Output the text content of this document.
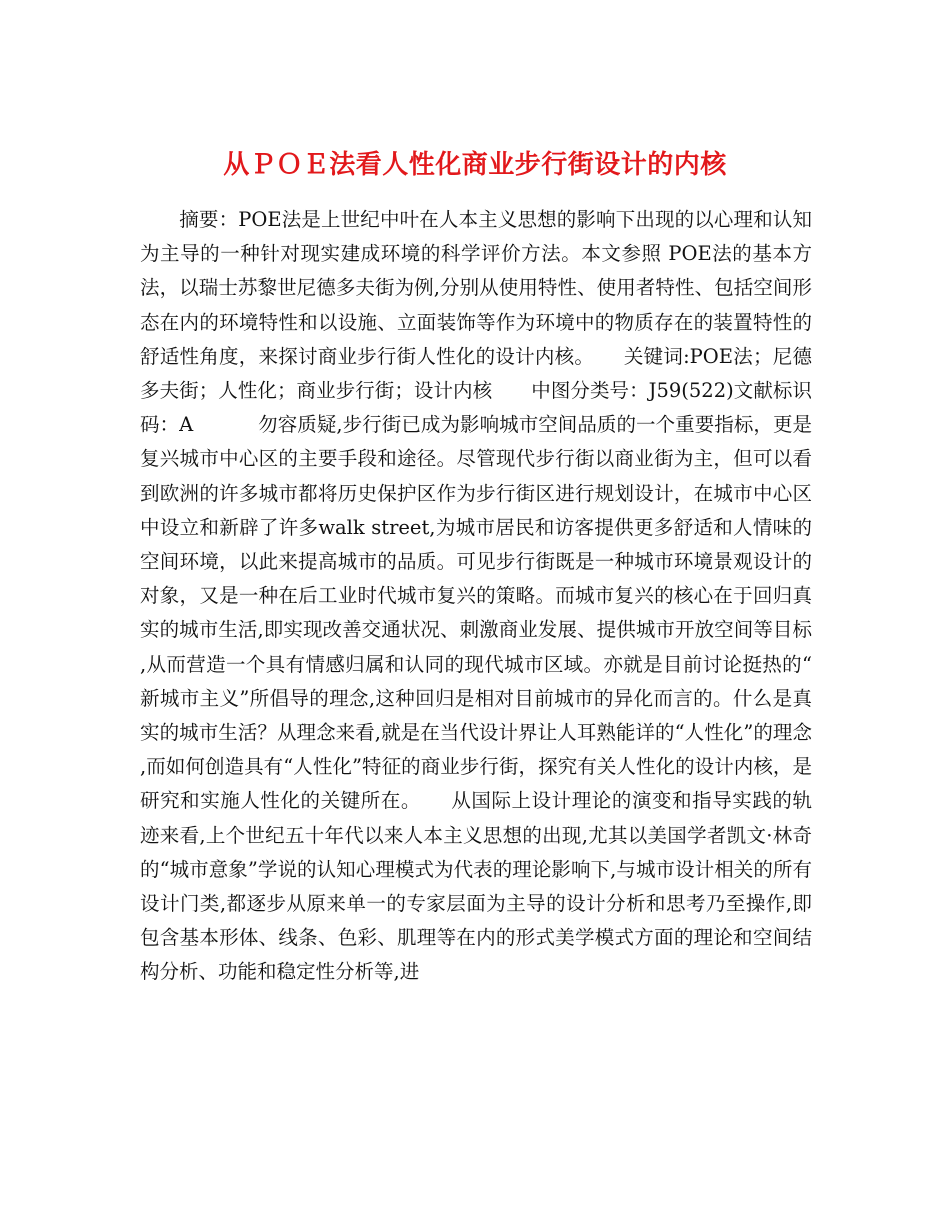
从ＰＯＥ法看人性化商业步行街设计的内核
　　摘要：POE法是上世纪中叶在人本主义思想的影响下出现的以心理和认知为主导的一种针对现实建成环境的科学评价方法。本文参照 POE法的基本方法，以瑞士苏黎世尼德多夫街为例,分别从使用特性、使用者特性、包括空间形态在内的环境特性和以设施、立面装饰等作为环境中的物质存在的装置特性的舒适性角度，来探讨商业步行街人性化的设计内核。　　关键词:POE法；尼德多夫街；人性化；商业步行街；设计内核　　中图分类号：J59(522)文献标识码：A　　　 勿容质疑,步行街已成为影响城市空间品质的一个重要指标，更是复兴城市中心区的主要手段和途径。尽管现代步行街以商业街为主，但可以看到欧洲的许多城市都将历史保护区作为步行街区进行规划设计，在城市中心区中设立和新辟了许多walk street,为城市居民和访客提供更多舒适和人情味的空间环境，以此来提高城市的品质。可见步行街既是一种城市环境景观设计的对象，又是一种在后工业时代城市复兴的策略。而城市复兴的核心在于回归真实的城市生活,即实现改善交通状况、刺激商业发展、提供城市开放空间等目标,从而营造一个具有情感归属和认同的现代城市区域。亦就是目前讨论挺热的“新城市主义”所倡导的理念,这种回归是相对目前城市的异化而言的。什么是真实的城市生活？从理念来看,就是在当代设计界让人耳熟能详的“人性化”的理念,而如何创造具有“人性化”特征的商业步行街，探究有关人性化的设计内核，是研究和实施人性化的关键所在。　　从国际上设计理论的演变和指导实践的轨迹来看,上个世纪五十年代以来人本主义思想的出现,尤其以美国学者凯文·林奇的“城市意象”学说的认知心理模式为代表的理论影响下,与城市设计相关的所有设计门类,都逐步从原来单一的专家层面为主导的设计分析和思考乃至操作,即包含基本形体、线条、色彩、肌理等在内的形式美学模式方面的理论和空间结构分析、功能和稳定性分析等,进
